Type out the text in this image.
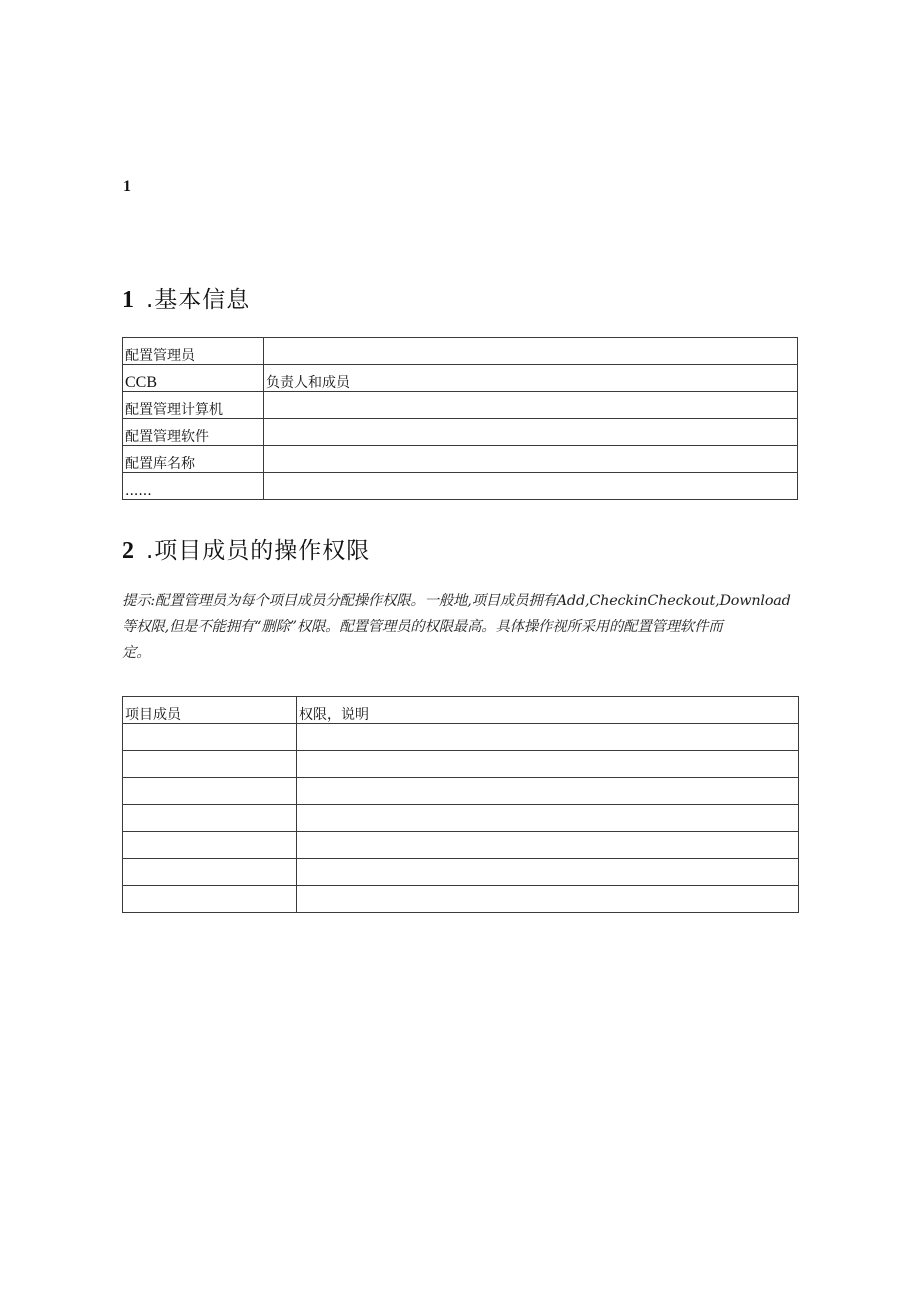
1
1 .基本信息
配置管理员	
CCB	负责人和成员
配置管理计算机	
配置管理软件	
配置库名称	
......	
2 .项目成员的操作权限
提示:配置管理员为每个项目成员分配操作权限。一般地,项目成员拥有Add,CheckinCheckout,Download
等权限,但是不能拥有“删除”权限。配置管理员的权限最高。具体操作视所采用的配置管理软件而
定。
项目成员	权限，说明
